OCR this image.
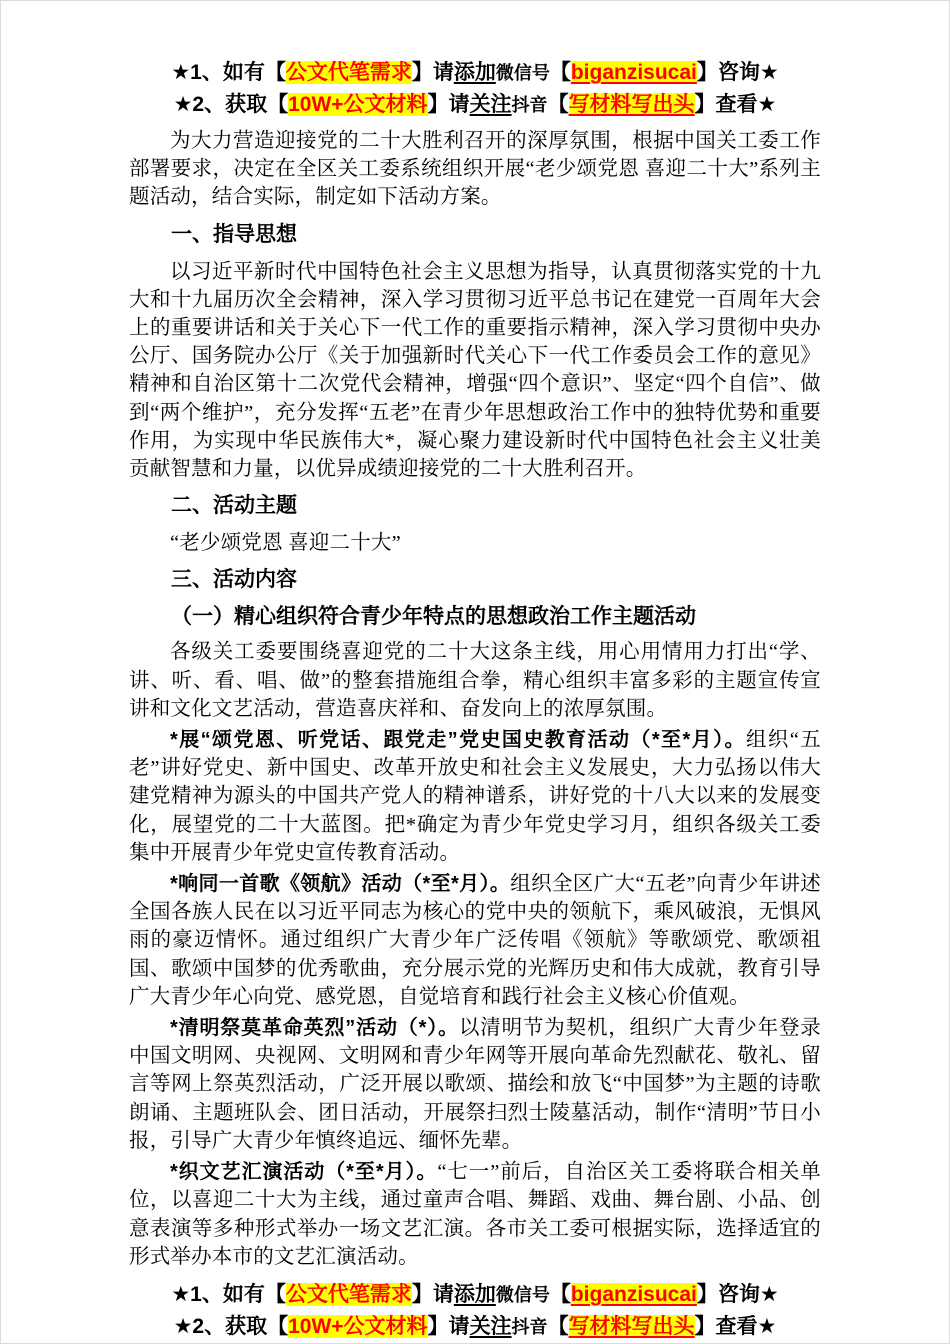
★1、如有【公文代笔需求】请添加微信号【biganzisucai】咨询★

★2、获取【10W+公文材料】请关注抖音【写材料写出头】查看★

为大力营造迎接党的二十大胜利召开的深厚氛围，根据中国关工委工作部署要求，决定在全区关工委系统组织开展“老少颂党恩 喜迎二十大”系列主题活动，结合实际，制定如下活动方案。

一、指导思想

以习近平新时代中国特色社会主义思想为指导，认真贯彻落实党的十九大和十九届历次全会精神，深入学习贯彻习近平总书记在建党一百周年大会上的重要讲话和关于关心下一代工作的重要指示精神，深入学习贯彻中央办公厅、国务院办公厅《关于加强新时代关心下一代工作委员会工作的意见》精神和自治区第十二次党代会精神，增强“四个意识”、坚定“四个自信”、做到“两个维护”，充分发挥“五老”在青少年思想政治工作中的独特优势和重要作用，为实现中华民族伟大*，凝心聚力建设新时代中国特色社会主义壮美贡献智慧和力量，以优异成绩迎接党的二十大胜利召开。

二、活动主题

“老少颂党恩 喜迎二十大”

三、活动内容

（一）精心组织符合青少年特点的思想政治工作主题活动

各级关工委要围绕喜迎党的二十大这条主线，用心用情用力打出“学、讲、听、看、唱、做”的整套措施组合拳，精心组织丰富多彩的主题宣传宣讲和文化文艺活动，营造喜庆祥和、奋发向上的浓厚氛围。

*展“颂党恩、听党话、跟党走”党史国史教育活动（*至*月）。组织“五老”讲好党史、新中国史、改革开放史和社会主义发展史，大力弘扬以伟大建党精神为源头的中国共产党人的精神谱系，讲好党的十八大以来的发展变化，展望党的二十大蓝图。把*确定为青少年党史学习月，组织各级关工委集中开展青少年党史宣传教育活动。

*响同一首歌《领航》活动（*至*月）。组织全区广大“五老”向青少年讲述全国各族人民在以习近平同志为核心的党中央的领航下，乘风破浪，无惧风雨的豪迈情怀。通过组织广大青少年广泛传唱《领航》等歌颂党、歌颂祖国、歌颂中国梦的优秀歌曲，充分展示党的光辉历史和伟大成就，教育引导广大青少年心向党、感党恩，自觉培育和践行社会主义核心价值观。

*清明祭莫革命英烈”活动（*）。以清明节为契机，组织广大青少年登录中国文明网、央视网、文明网和青少年网等开展向革命先烈献花、敬礼、留言等网上祭英烈活动，广泛开展以歌颂、描绘和放飞“中国梦”为主题的诗歌朗诵、主题班队会、团日活动，开展祭扫烈士陵墓活动，制作“清明”节日小报，引导广大青少年慎终追远、缅怀先辈。

*织文艺汇演活动（*至*月）。“七一”前后，自治区关工委将联合相关单位，以喜迎二十大为主线，通过童声合唱、舞蹈、戏曲、舞台剧、小品、创意表演等多种形式举办一场文艺汇演。各市关工委可根据实际，选择适宜的形式举办本市的文艺汇演活动。

★1、如有【公文代笔需求】请添加微信号【biganzisucai】咨询★

★2、获取【10W+公文材料】请关注抖音【写材料写出头】查看★
